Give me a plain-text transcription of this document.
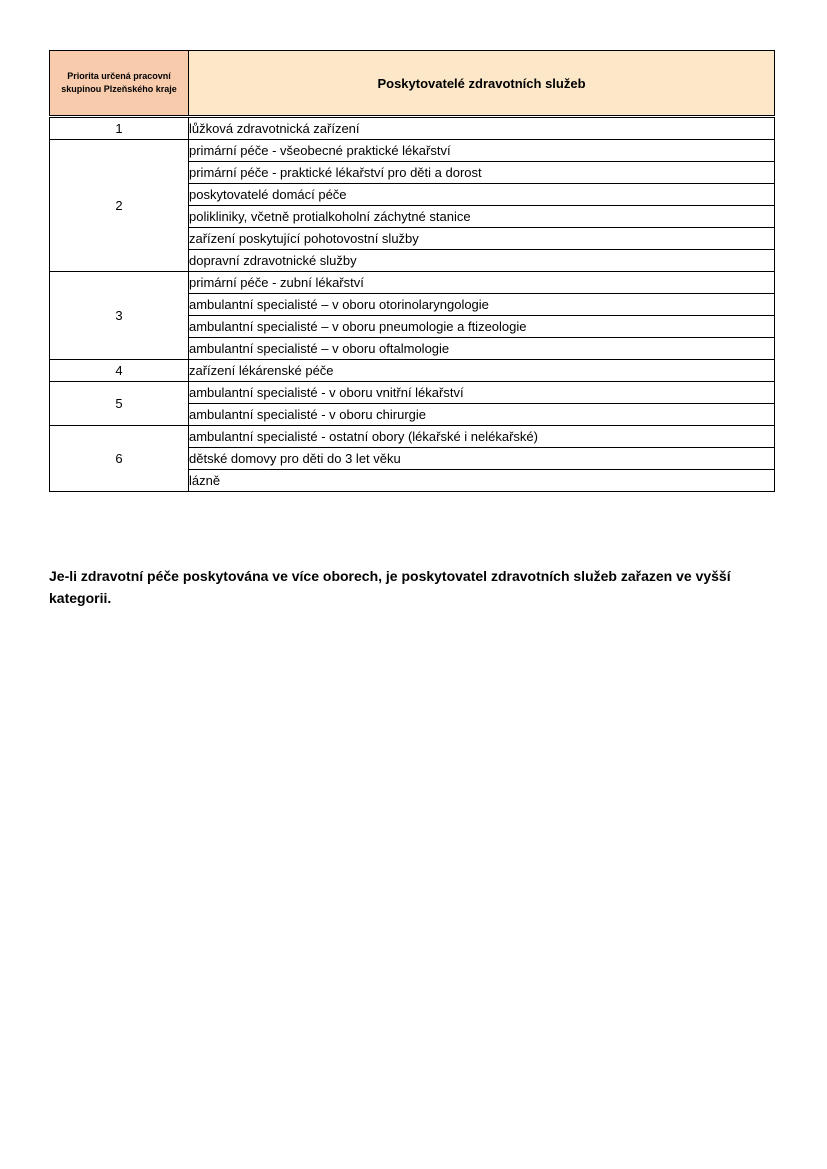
Priorita určená pracovní skupinou Plzeňského kraje	Poskytovatelé zdravotních služeb

1	lůžková zdravotnická zařízení
2	primární péče - všeobecné praktické lékařství
	primární péče - praktické lékařství pro děti a dorost
	poskytovatelé domácí péče
	polikliniky, včetně protialkoholní záchytné stanice
	zařízení poskytující pohotovostní služby
	dopravní zdravotnické služby
3	primární péče - zubní lékařství
	ambulantní specialisté – v oboru otorinolaryngologie
	ambulantní specialisté – v oboru pneumologie a ftizeologie
	ambulantní specialisté – v oboru oftalmologie
4	zařízení lékárenské péče
5	ambulantní specialisté - v oboru vnitřní lékařství
	ambulantní specialisté - v oboru chirurgie
6	ambulantní specialisté - ostatní obory (lékařské i nelékařské)
	dětské domovy pro děti do 3 let věku
	lázně
Je-li zdravotní péče poskytována ve více oborech, je poskytovatel zdravotních služeb zařazen ve vyšší kategorii.
